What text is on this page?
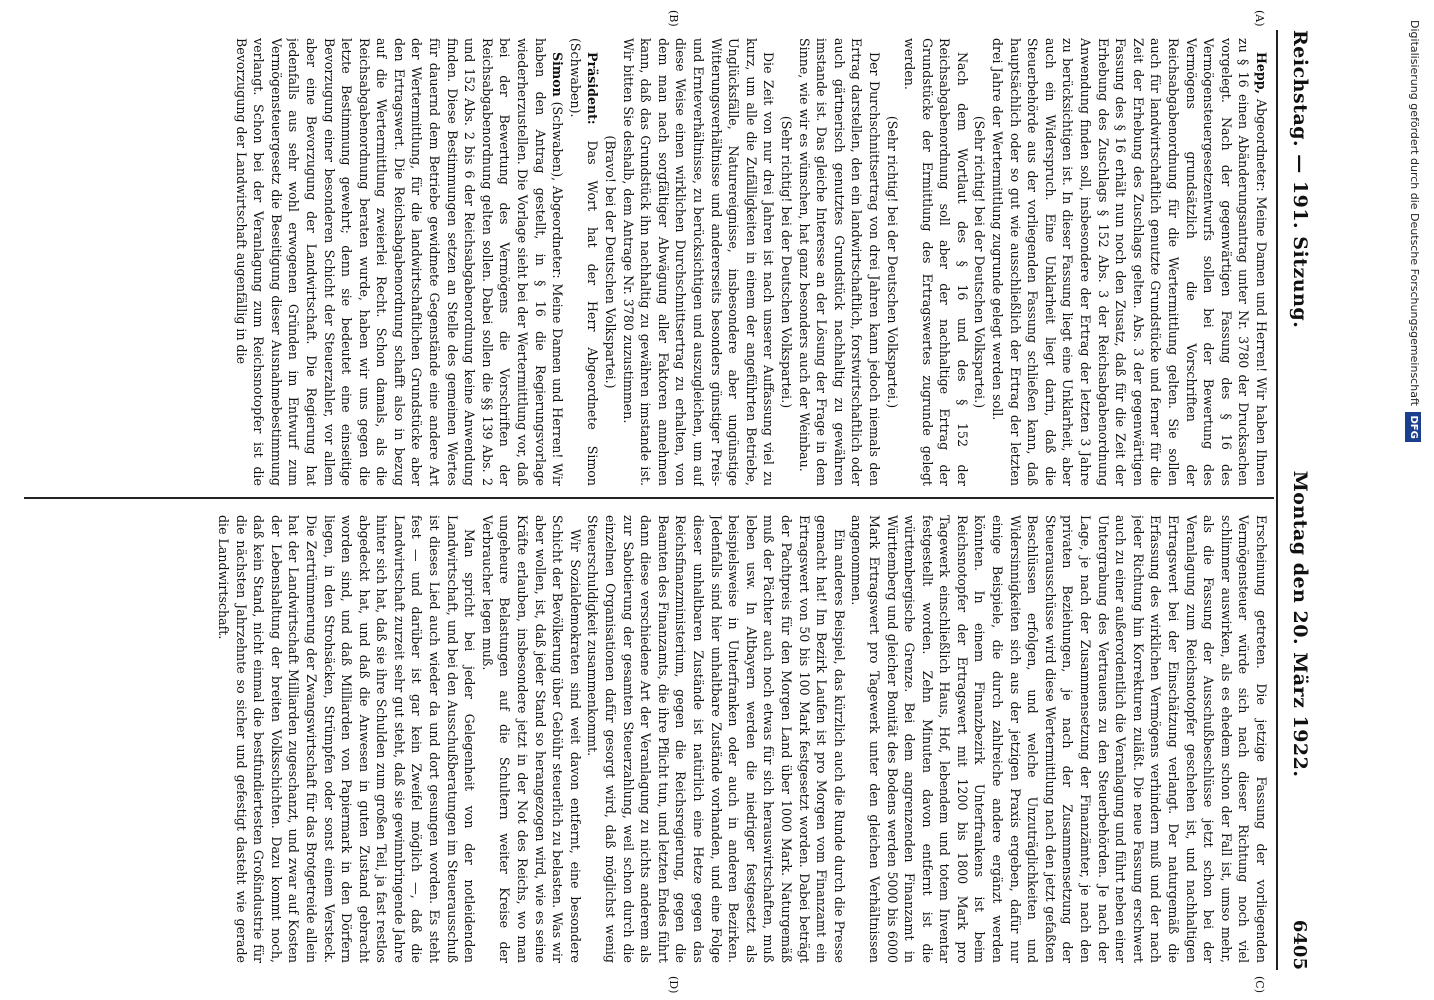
Reichstag. — 191. Sitzung.
Montag den 20. März 1922.
6405
(A)
(B)
(C)
(D)

Hepp, Abgeordneter: Meine Damen und Herren! Wir haben Ihnen zu § 16 einen Abänderungsantrag unter Nr. 3780 der Drucksachen vorgelegt. Nach der gegenwärtigen Fassung des § 16 des Vermögensteuergesetzentwurfs sollen bei der Bewertung des Vermögens grundsätzlich die Vorschriften der Reichsabgabenordnung für die Wertermittlung gelten. Sie sollen auch für landwirtschaftlich genutzte Grundstücke und ferner für die Zeit der Erhebung des Zuschlags gelten. Abs. 3 der gegenwärtigen Fassung des § 16 erhält nun noch den Zusatz, daß für die Zeit der Erhebung des Zuschlags § 152 Abs. 3 der Reichsabgabenordnung Anwendung finden soll, insbesondere der Ertrag der letzten 3 Jahre zu berücksichtigen ist. In dieser Fassung liegt eine Unklarheit, aber auch ein Widerspruch. Eine Unklarheit liegt darin, daß die Steuerbehörde aus der vorliegenden Fassung schließen kann, daß hauptsächlich oder so gut wie ausschließlich der Ertrag der letzten drei Jahre der Wertermittlung zugrunde gelegt werden soll.

(Sehr richtig! bei der Deutschen Volkspartei.)

Nach dem Wortlaut des § 16 und des § 152 der Reichsabgabenordnung soll aber der nachhaltige Ertrag der Grundstücke der Ermittlung des Ertragswertes zugrunde gelegt werden.

(Sehr richtig! bei der Deutschen Volkspartei.)

Der Durchschnittsertrag von drei Jahren kann jedoch niemals den Ertrag darstellen, den ein landwirtschaftlich, forstwirtschaftlich oder auch gärtnerisch genutztes Grundstück nachhaltig zu gewähren imstande ist. Das gleiche Interesse an der Lösung der Frage in dem Sinne, wie wir es wünschen, hat ganz besonders auch der Weinbau.

(Sehr richtig! bei der Deutschen Volkspartei.)

Die Zeit von nur drei Jahren ist nach unserer Auffassung viel zu kurz, um alle die Zufälligkeiten in einem der angeführten Betriebe, Unglücksfälle, Naturereignisse, insbesondere aber ungünstige Witterungsverhältnisse und andererseits besonders günstiger Preis- und Ernteverhältnisse, zu berücksichtigen und auszugleichen, um auf diese Weise einen wirklichen Durchschnittsertrag zu erhalten, von dem man nach sorgfältiger Abwägung aller Faktoren annehmen kann, daß das Grundstück ihn nachhaltig zu gewähren imstande ist. Wir bitten Sie deshalb, dem Antrage Nr. 3780 zuzustimmen.

(Bravo! bei der Deutschen Volkspartei.)

Präsident: Das Wort hat der Herr Abgeordnete Simon (Schwaben).

Simon (Schwaben), Abgeordneter: Meine Damen und Herren! Wir haben den Antrag gestellt, in § 16 die Regierungsvorlage wiederherzustellen. Die Vorlage sieht bei der Wertermittlung vor, daß bei der Bewertung des Vermögens die Vorschriften der Reichsabgabenordnung gelten sollen. Dabei sollen die §§ 139 Abs. 2 und 152 Abs. 2 bis 6 der Reichsabgabenordnung keine Anwendung finden. Diese Bestimmungen setzen an Stelle des gemeinen Wertes für dauernd dem Betriebe gewidmete Gegenstände eine andere Art der Wertermittlung, für die landwirtschaftlichen Grundstücke aber den Ertragswert. Die Reichsabgabenordnung schafft also in bezug auf die Wertermittlung zweierlei Recht. Schon damals, als die Reichsabgabenordnung beraten wurde, haben wir uns gegen die letzte Bestimmung gewehrt; denn sie bedeutet eine einseitige Bevorzugung einer besonderen Schicht der Steuerzahler, vor allem aber eine Bevorzugung der Landwirtschaft. Die Regierung hat jedenfalls aus sehr wohl erwogenen Gründen im Entwurf zum Vermögensteuergesetz die Beseitigung dieser Ausnahmebestimmung verlangt. Schon bei der Veranlagung zum Reichsnotopfer ist die Bevorzugung der Landwirtschaft augenfällig in die

Erscheinung getreten. Die jetzige Fassung der vorliegenden Vermögensteuer würde sich nach dieser Richtung noch viel schlimmer auswirken, als es ehedem schon der Fall ist, umso mehr, als die Fassung der Ausschußbeschlüsse jetzt schon bei der Veranlagung zum Reichsnotopfer geschehen ist, und nachhaltigen Ertragswert bei der Einschätzung verlangt. Der naturgemäß die Erfassung des wirklichen Vermögens verhindern muß und der nach jeder Richtung hin Korrekturen zuläßt. Die neue Fassung erschwert auch zu einer außerordentlich die Veranlagung und führt neben einer Untergrabung des Vertrauens zu den Steuerbehörden. Je nach der Lage, je nach der Zusammensetzung der Finanzämter, je nach den privaten Beziehungen, je nach der Zusammensetzung der Steuerausschüsse wird diese Wertermittlung nach den jetzt gefaßten Beschlüssen erfolgen, und welche Unzuträglichkeiten und Widersinnigkeiten sich aus der jetzigen Praxis ergeben, dafür nur einige Beispiele, die durch zahlreiche andere ergänzt werden könnten. In einem Finanzbezirk Unterfrankens ist beim Reichsnotopfer der Ertragswert mit 1200 bis 1800 Mark pro Tagewerk einschließlich Haus, Hof, lebendem und totem Inventar festgestellt worden. Zehn Minuten davon entfernt ist die württembergische Grenze. Bei dem angrenzenden Finanzamt in Württemberg und gleicher Bonität des Bodens werden 5000 bis 6000 Mark Ertragswert pro Tagewerk unter den gleichen Verhältnissen angenommen.

Ein anderes Beispiel, das kürzlich auch die Runde durch die Presse gemacht hat! Im Bezirk Laufen ist pro Morgen vom Finanzamt ein Ertragswert von 50 bis 100 Mark festgesetzt worden. Dabei beträgt der Pachtpreis für den Morgen Land über 1000 Mark. Naturgemäß muß der Pächter auch noch etwas für sich herauswirtschaften, muß leben usw. In Altbayern werden die niedriger festgesetzt als beispielsweise in Unterfranken oder auch in anderen Bezirken. Jedenfalls sind hier unhaltbare Zustände vorhanden, und eine Folge dieser unhaltbaren Zustände ist natürlich eine Hetze gegen das Reichsfinanzministerium, gegen die Reichsregierung, gegen die Beamten des Finanzamts, die ihre Pflicht tun, und letzten Endes führt dann diese verschiedene Art der Veranlagung zu nichts anderem als zur Sabotierung der gesamten Steuerzahlung, weil schon durch die einzelnen Organisationen dafür gesorgt wird, daß möglichst wenig Steuerschuldigkeit zusammenkommt.

Wir Sozialdemokraten sind weit davon entfernt, eine besondere Schicht der Bevölkerung über Gebühr steuerlich zu belasten. Was wir aber wollen, ist, daß jeder Stand so herangezogen wird, wie es seine Kräfte erlauben, insbesondere jetzt in der Not des Reichs, wo man ungeheure Belastungen auf die Schultern weiter Kreise der Verbraucher legen muß.

Man spricht bei jeder Gelegenheit von der notleidenden Landwirtschaft, und bei den Ausschußberatungen im Steuerausschuß ist dieses Lied auch wieder da und dort gesungen worden. Es steht fest — und darüber ist gar kein Zweifel möglich —, daß die Landwirtschaft zurzeit sehr gut steht, daß sie gewinnbringende Jahre hinter sich hat, daß sie ihre Schulden zum großen Teil, ja fast restlos abgedeckt hat, und daß die Anwesen in guten Zustand gebracht worden sind, und daß Milliarden von Papiermark in den Dörfern liegen, in den Strohsäcken, Strümpfen oder sonst einem Versteck. Die Zertrümmerung der Zwangswirtschaft für das Brotgetreide allein hat der Landwirtschaft Milliarden zugeschanzt, und zwar auf Kosten der Lebenshaltung der breiten Volksschichten. Dazu kommt noch, daß kein Stand, nicht einmal die bestfundiertesten Großindustrie für die nächsten Jahrzehnte so sicher und gefestigt dasteht wie gerade die Landwirtschaft.

Digitalisierung gefördert durch die Deutsche Forschungsgemeinschaft DFG
